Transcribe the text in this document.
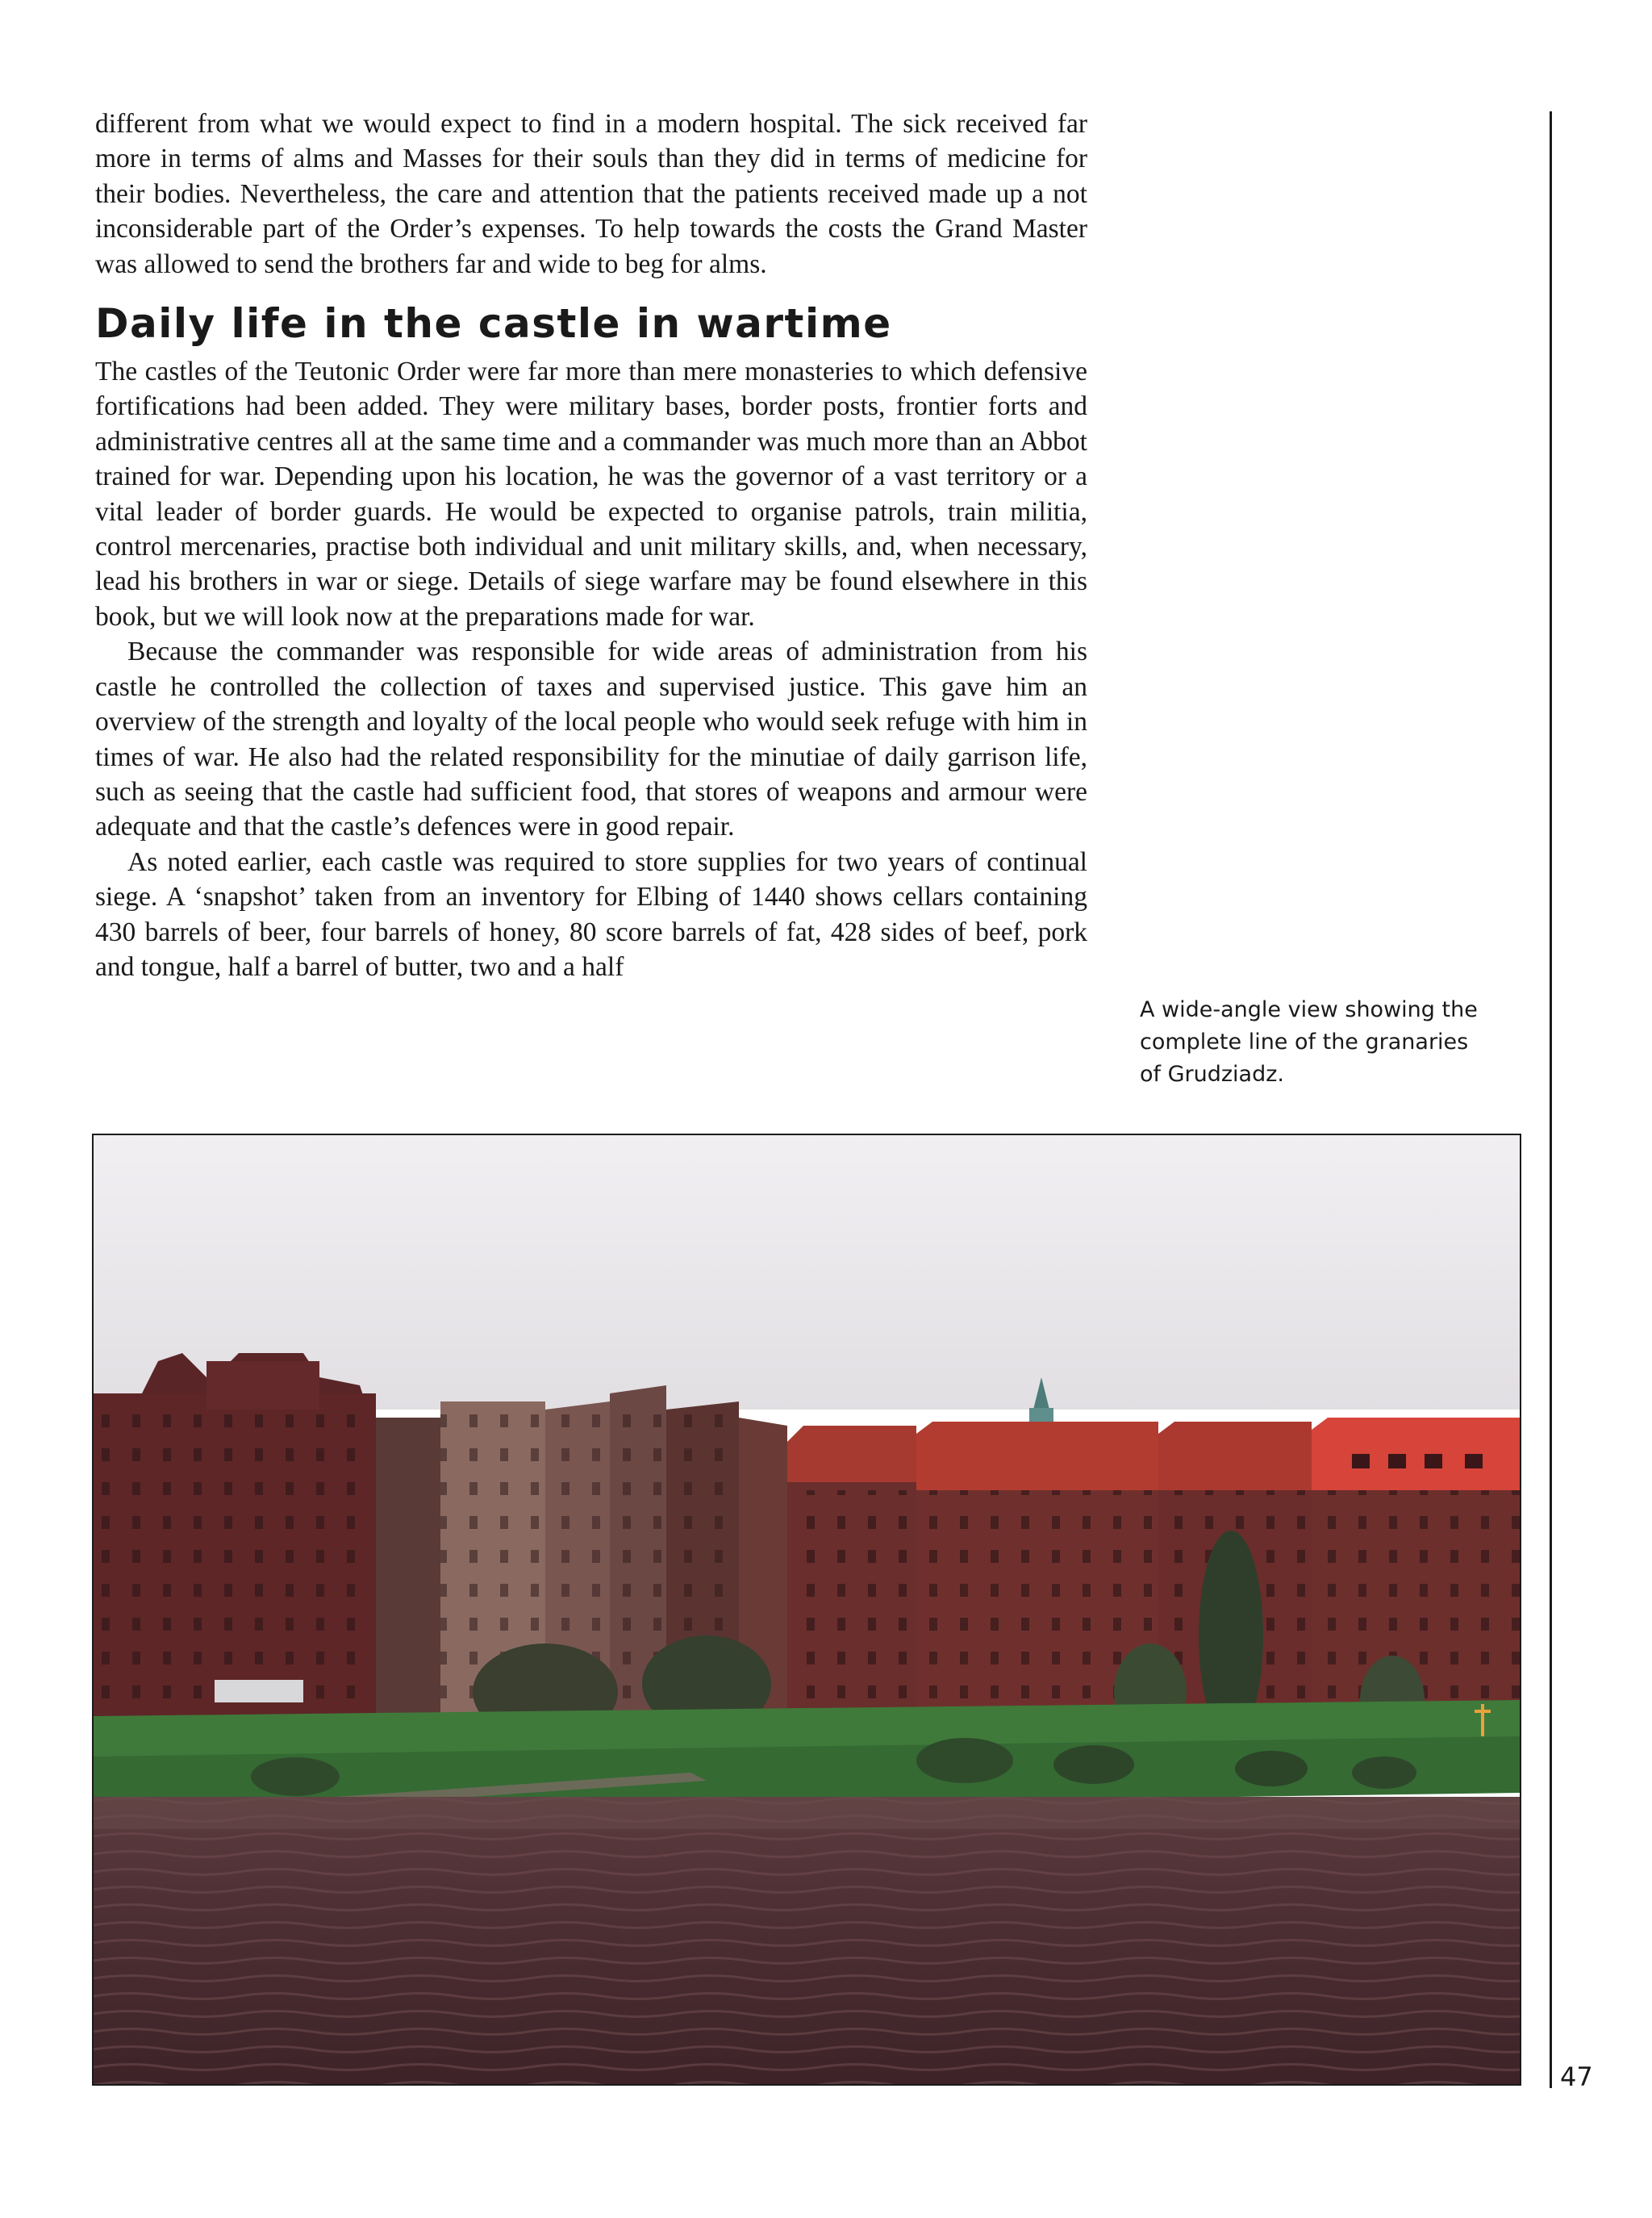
different from what we would expect to find in a modern hospital. The sick received far more in terms of alms and Masses for their souls than they did in terms of medicine for their bodies. Nevertheless, the care and attention that the patients received made up a not inconsiderable part of the Order’s expenses. To help towards the costs the Grand Master was allowed to send the brothers far and wide to beg for alms.

Daily life in the castle in wartime

The castles of the Teutonic Order were far more than mere monasteries to which defensive fortifications had been added. They were military bases, border posts, frontier forts and administrative centres all at the same time and a commander was much more than an Abbot trained for war. Depending upon his location, he was the governor of a vast territory or a vital leader of border guards. He would be expected to organise patrols, train militia, control mercenaries, practise both individual and unit military skills, and, when necessary, lead his brothers in war or siege. Details of siege warfare may be found elsewhere in this book, but we will look now at the preparations made for war.

Because the commander was responsible for wide areas of administration from his castle he controlled the collection of taxes and supervised justice. This gave him an overview of the strength and loyalty of the local people who would seek refuge with him in times of war. He also had the related responsibility for the minutiae of daily garrison life, such as seeing that the castle had sufficient food, that stores of weapons and armour were adequate and that the castle’s defences were in good repair.

As noted earlier, each castle was required to store supplies for two years of continual siege. A ‘snapshot’ taken from an inventory for Elbing of 1440 shows cellars containing 430 barrels of beer, four barrels of honey, 80 score barrels of fat, 428 sides of beef, pork and tongue, half a barrel of butter, two and a half

A wide-angle view showing the complete line of the granaries of Grudziadz.
47
